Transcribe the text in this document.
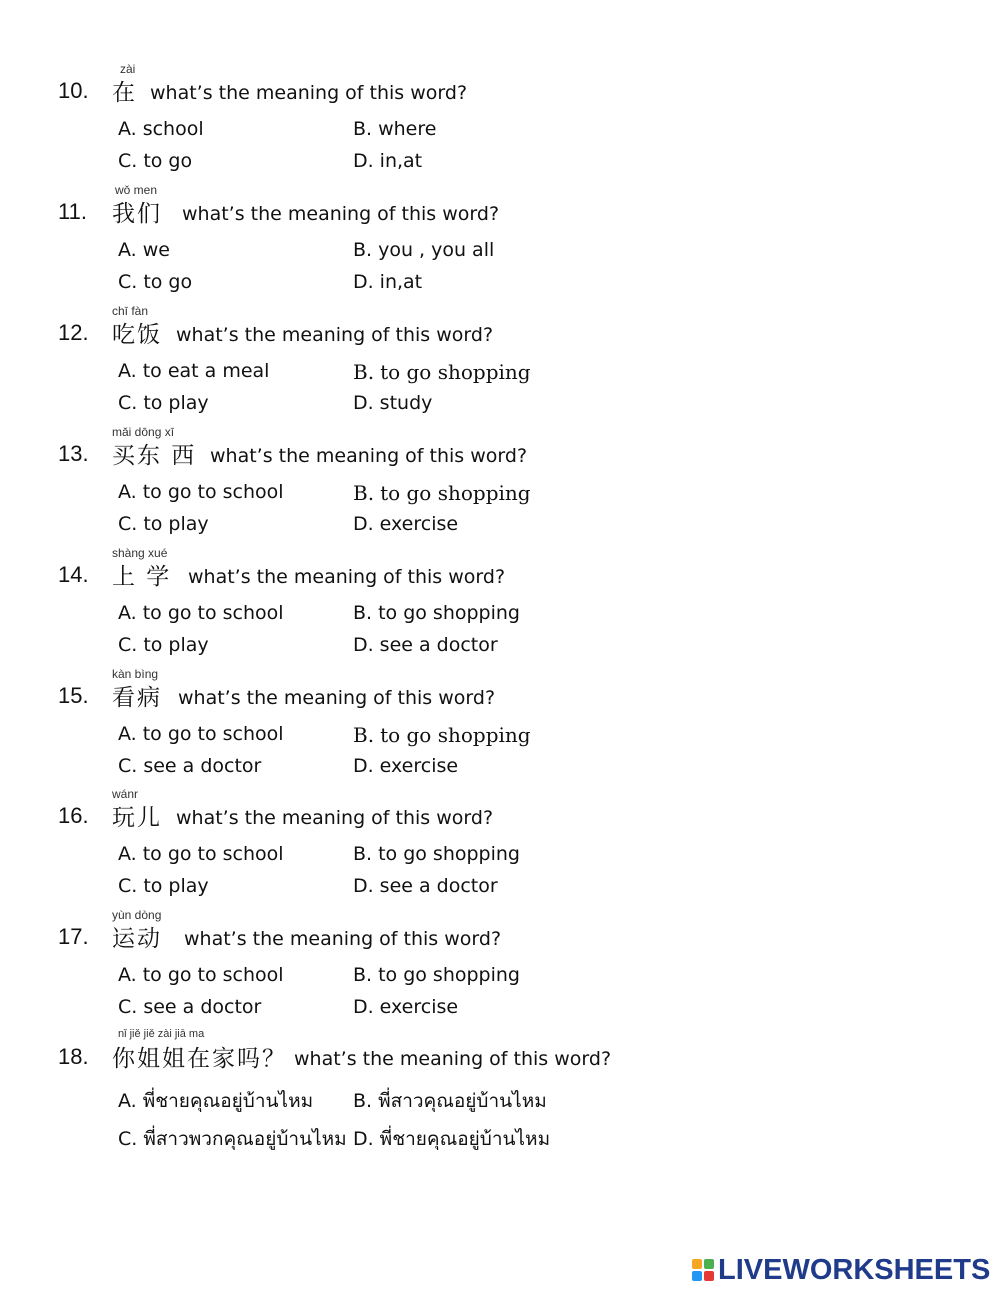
zài
10. 在 what’s the meaning of this word?
A. school	B. where
C. to go	D. in,at
wǒ men
11. 我们 what’s the meaning of this word?
A. we	B. you , you all
C. to go	D. in,at
chī fàn
12. 吃饭 what’s the meaning of this word?
A. to eat a meal	B. to go shopping
C. to play	D. study
mǎi dōng xī
13. 买东 西 what’s the meaning of this word?
A. to go to school	B. to go shopping
C. to play	D. exercise
shàng xué
14. 上 学 what’s the meaning of this word?
A. to go to school	B. to go shopping
C. to play	D. see a doctor
kàn bìng
15. 看病 what’s the meaning of this word?
A. to go to school	B. to go shopping
C. see a doctor	D. exercise
wánr
16. 玩儿 what’s the meaning of this word?
A. to go to school	B. to go shopping
C. to play	D. see a doctor
yùn dòng
17. 运动 what’s the meaning of this word?
A. to go to school	B. to go shopping
C. see a doctor	D. exercise
nǐ jiě jiě zài jiā ma
18. 你姐姐在家吗？ what’s the meaning of this word?
A. พี่ชายคุณอยู่บ้านไหม B. พี่สาวคุณอยู่บ้านไหม
C. พี่สาวพวกคุณอยู่บ้านไหม D. พี่ชายคุณอยู่บ้านไหม
LIVEWORKSHEETS
